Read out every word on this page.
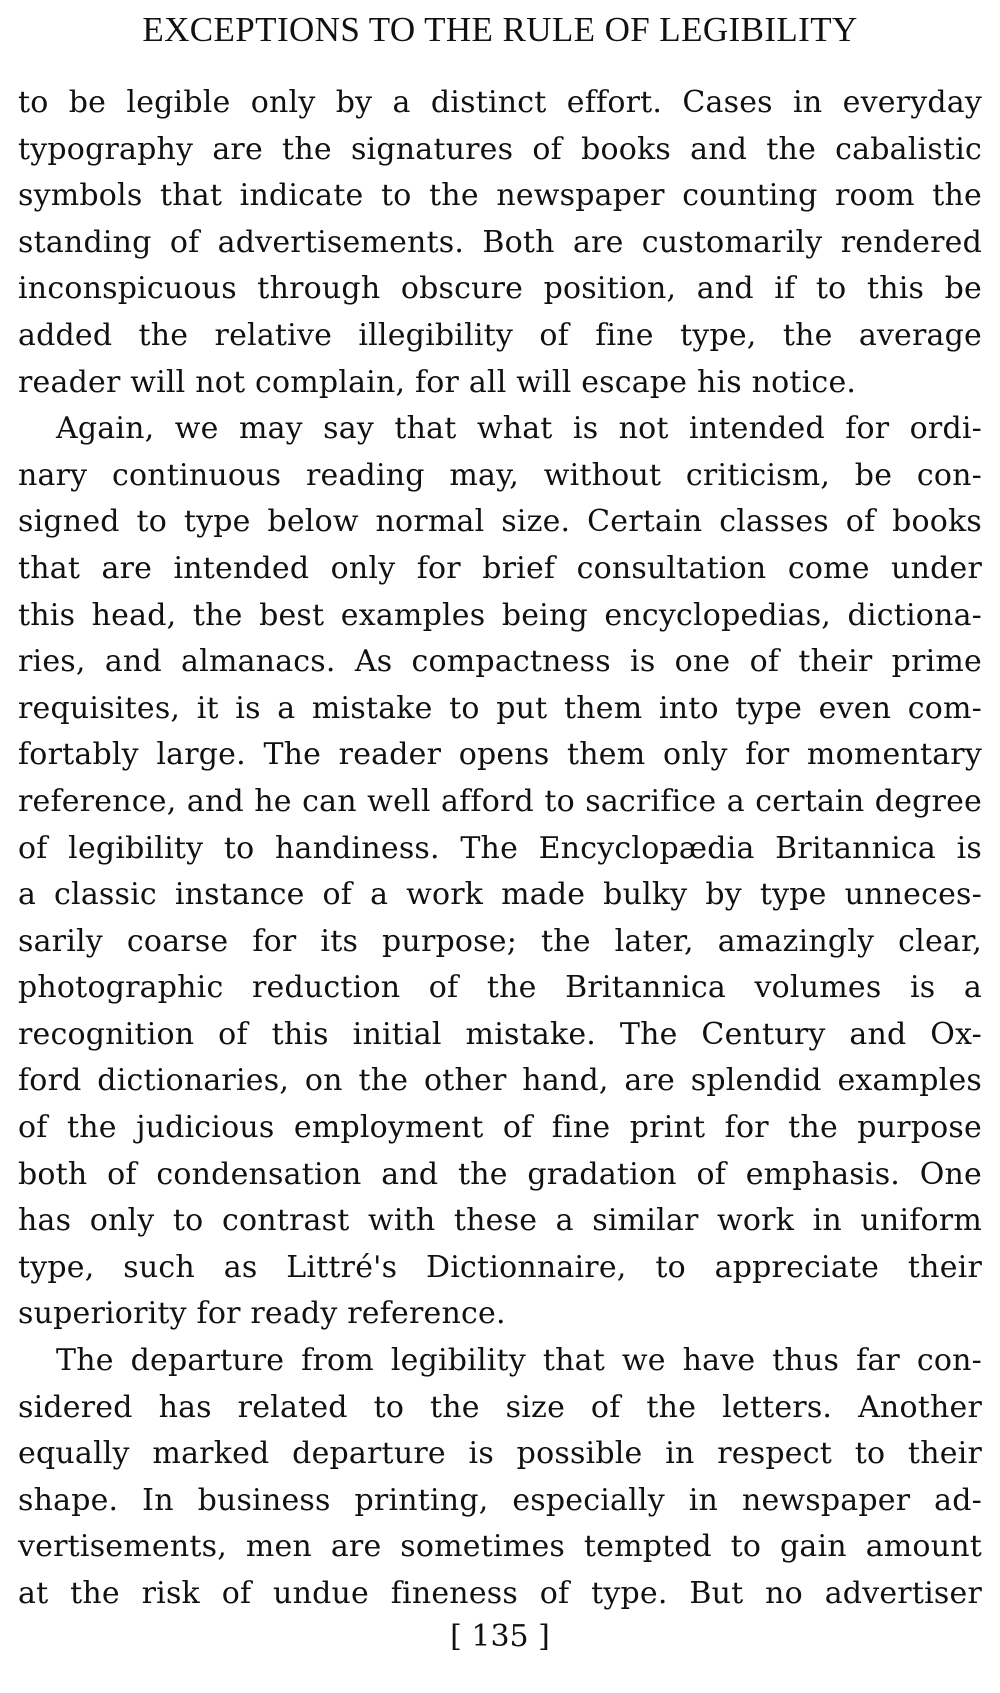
EXCEPTIONS TO THE RULE OF LEGIBILITY
to be legible only by a distinct effort. Cases in everyday
typography are the signatures of books and the cabalistic
symbols that indicate to the newspaper counting room the
standing of advertisements. Both are customarily rendered
inconspicuous through obscure position, and if to this be
added the relative illegibility of fine type, the average
reader will not complain, for all will escape his notice.
Again, we may say that what is not intended for ordi-
nary continuous reading may, without criticism, be con-
signed to type below normal size. Certain classes of books
that are intended only for brief consultation come under
this head, the best examples being encyclopedias, dictiona-
ries, and almanacs. As compactness is one of their prime
requisites, it is a mistake to put them into type even com-
fortably large. The reader opens them only for momentary
reference, and he can well afford to sacrifice a certain degree
of legibility to handiness. The Encyclopædia Britannica is
a classic instance of a work made bulky by type unneces-
sarily coarse for its purpose; the later, amazingly clear,
photographic reduction of the Britannica volumes is a
recognition of this initial mistake. The Century and Ox-
ford dictionaries, on the other hand, are splendid examples
of the judicious employment of fine print for the purpose
both of condensation and the gradation of emphasis. One
has only to contrast with these a similar work in uniform
type, such as Littré's Dictionnaire, to appreciate their
superiority for ready reference.
The departure from legibility that we have thus far con-
sidered has related to the size of the letters. Another
equally marked departure is possible in respect to their
shape. In business printing, especially in newspaper ad-
vertisements, men are sometimes tempted to gain amount
at the risk of undue fineness of type. But no advertiser
[ 135 ]
